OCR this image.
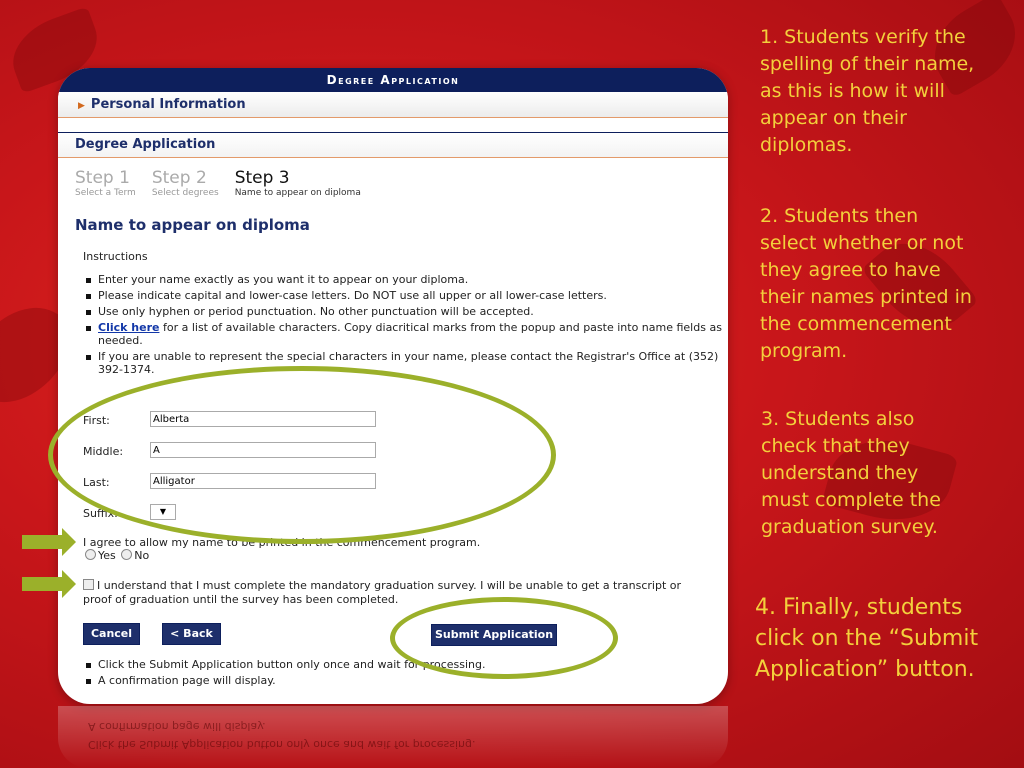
Degree Application
▶ Personal Information
Degree Application
Step 1
Select a Term
Step 2
Select degrees
Step 3
Name to appear on diploma
Name to appear on diploma
Instructions
Enter your name exactly as you want it to appear on your diploma.
Please indicate capital and lower-case letters. Do NOT use all upper or all lower-case letters.
Use only hyphen or period punctuation. No other punctuation will be accepted.
Click here for a list of available characters. Copy diacritical marks from the popup and paste into name fields as needed.
If you are unable to represent the special characters in your name, please contact the Registrar's Office at (352) 392-1374.
First:
Alberta
Middle:
A
Last:
Alligator
Suffix:	▼
I agree to allow my name to be printed in the commencement program.
Yes No
I understand that I must complete the mandatory graduation survey. I will be unable to get a transcript or proof of graduation until the survey has been completed.
Cancel	< Back	Submit Application
Click the Submit Application button only once and wait for processing.
A confirmation page will display.
A confirmation page will display.
Click the Submit Application button only once and wait for processing.
1. Students verify the spelling of their name, as this is how it will appear on their diplomas.
2. Students then select whether or not they agree to have their names printed in the commencement program.
3. Students also check that they understand they must complete the graduation survey.
4. Finally, students click on the “Submit Application” button.
